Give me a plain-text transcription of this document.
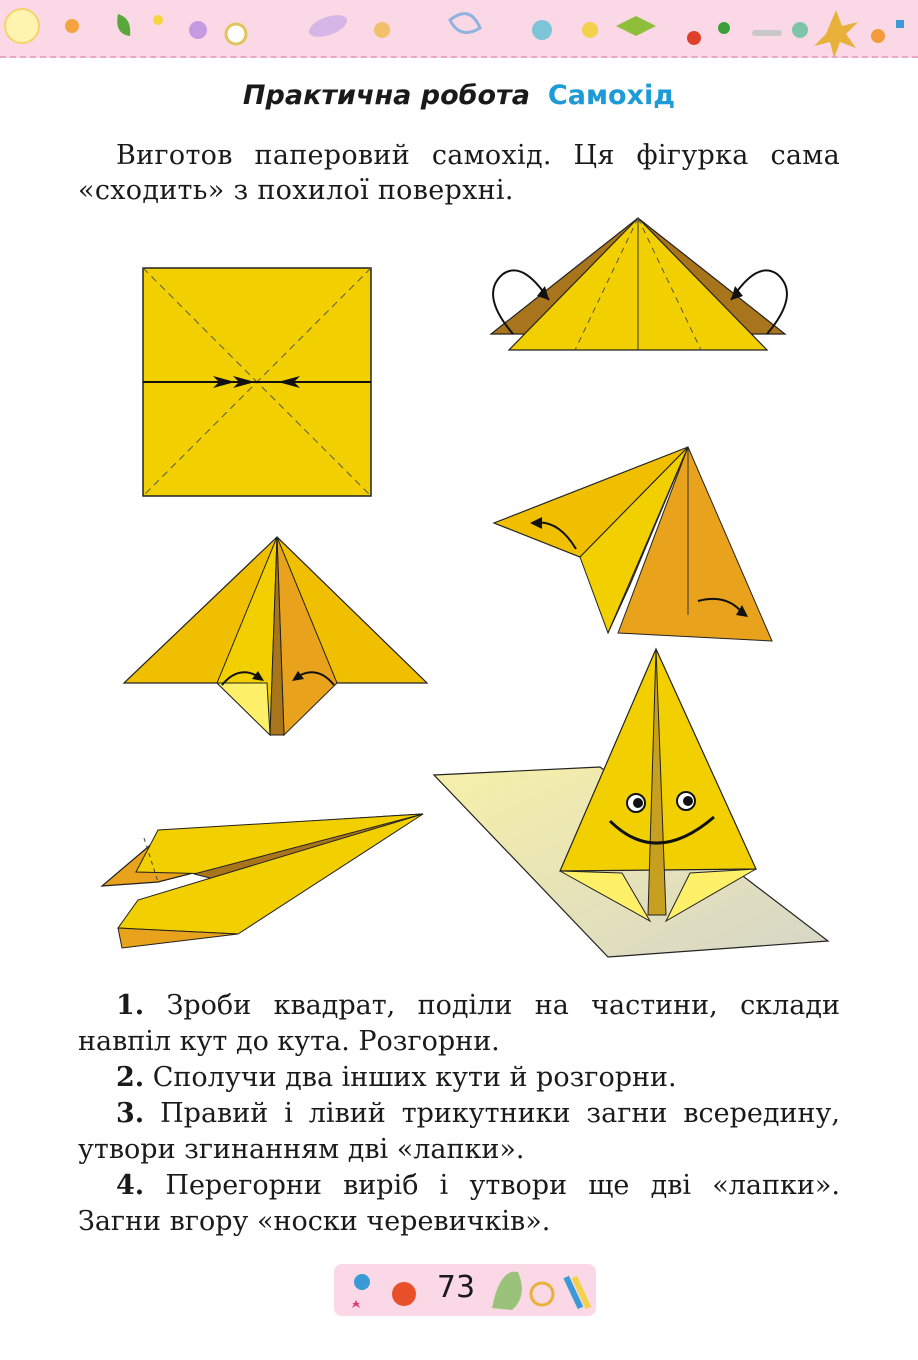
Практична робота Самохід
Виготов паперовий самохід. Ця фігурка сама «сходить» з похилої поверхні.

1. Зроби квадрат, поділи на частини, склади навпіл кут до кута. Розгорни.

2. Сполучи два інших кути й розгорни.

3. Правий і лівий трикутники загни всередину, утвори згинанням дві «лапки».

4. Перегорни виріб і утвори ще дві «лапки». Загни вгору «носки черевичків».

73
